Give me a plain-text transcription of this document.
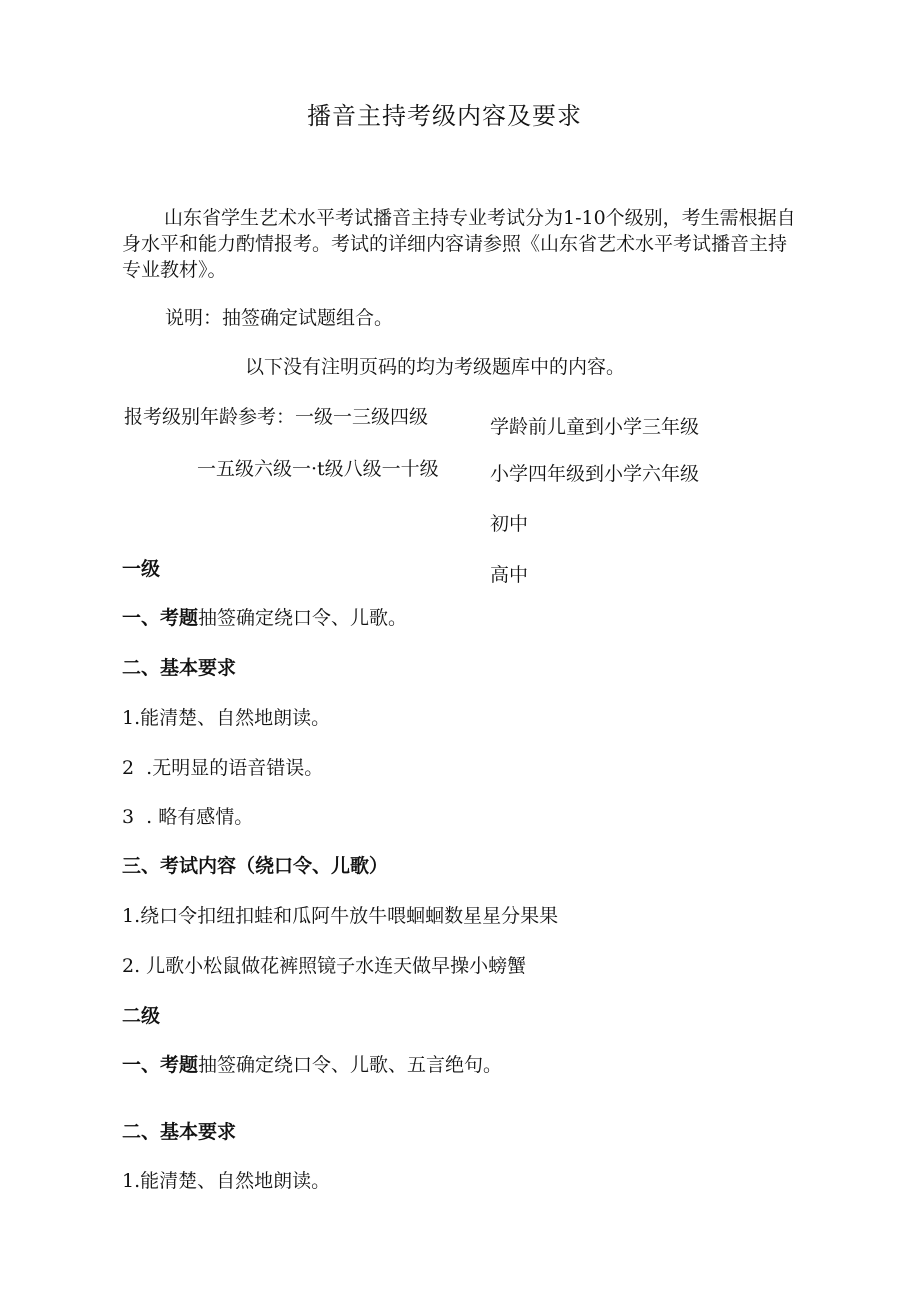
播音主持考级内容及要求
山东省学生艺术水平考试播音主持专业考试分为1-10个级别，考生需根据自身水平和能力酌情报考。考试的详细内容请参照《山东省艺术水平考试播音主持专业教材》。
说明：抽签确定试题组合。
以下没有注明页码的均为考级题库中的内容。
报考级别年龄参考：一级一三级四级
一五级六级一·t级八级一十级
学龄前儿童到小学三年级
小学四年级到小学六年级
初中
高中
一级
一、考题抽签确定绕口令、儿歌。
二、基本要求
1.能清楚、自然地朗读。
2  .无明显的语音错误。
3  . 略有感情。
三、考试内容（绕口令、儿歌）
1.绕口令扣纽扣蛙和瓜阿牛放牛喂蛔蛔数星星分果果
2. 儿歌小松鼠做花裤照镜子水连天做早操小螃蟹
二级
一、考题抽签确定绕口令、儿歌、五言绝句。
二、基本要求
1.能清楚、自然地朗读。
